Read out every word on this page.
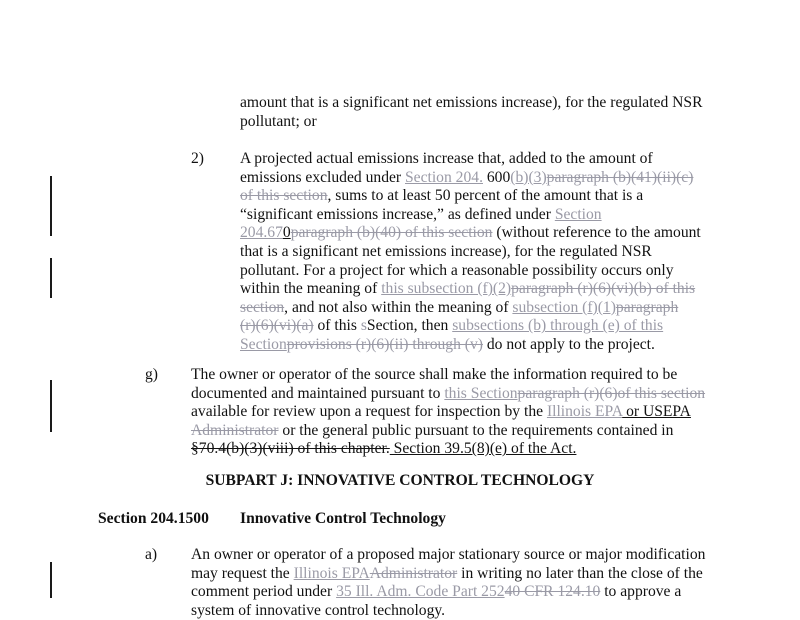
amount that is a significant net emissions increase), for the regulated NSR
pollutant; or
2) A projected actual emissions increase that, added to the amount of
emissions excluded under Section 204. 600(b)(3)paragraph (b)(41)(ii)(c)
of this section, sums to at least 50 percent of the amount that is a
“significant emissions increase,” as defined under Section
204.670paragraph (b)(40) of this section (without reference to the amount
that is a significant net emissions increase), for the regulated NSR
pollutant. For a project for which a reasonable possibility occurs only
within the meaning of this subsection (f)(2)paragraph (r)(6)(vi)(b) of this
section, and not also within the meaning of subsection (f)(1)paragraph
(r)(6)(vi)(a) of this sSection, then subsections (b) through (e) of this
Sectionprovisions (r)(6)(ii) through (v) do not apply to the project.
g) The owner or operator of the source shall make the information required to be
documented and maintained pursuant to this Sectionparagraph (r)(6)of this section
available for review upon a request for inspection by the Illinois EPA or USEPA
Administrator or the general public pursuant to the requirements contained in
§70.4(b)(3)(viii) of this chapter. Section 39.5(8)(e) of the Act.
SUBPART J: INNOVATIVE CONTROL TECHNOLOGY
Section 204.1500 Innovative Control Technology
a) An owner or operator of a proposed major stationary source or major modification
may request the Illinois EPAAdministrator in writing no later than the close of the
comment period under 35 Ill. Adm. Code Part 25240 CFR 124.10 to approve a
system of innovative control technology.
